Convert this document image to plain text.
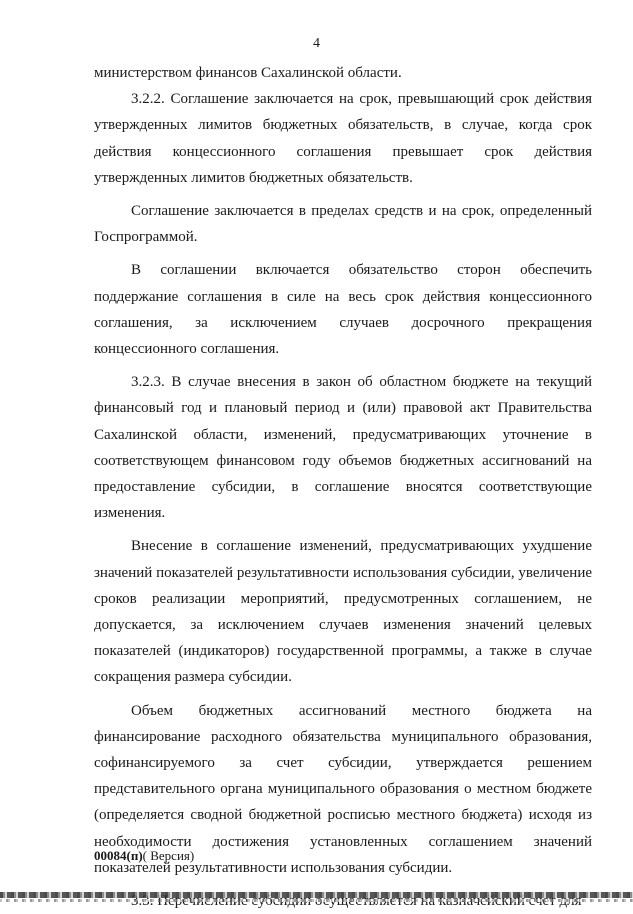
4

министерством финансов Сахалинской области.

3.2.2. Соглашение заключается на срок, превышающий срок действия утвержденных лимитов бюджетных обязательств, в случае, когда срок действия концессионного соглашения превышает срок действия утвержденных лимитов бюджетных обязательств.

Соглашение заключается в пределах средств и на срок, определенный Госпрограммой.

В соглашении включается обязательство сторон обеспечить поддержание соглашения в силе на весь срок действия концессионного соглашения, за исключением случаев досрочного прекращения концессионного соглашения.

3.2.3. В случае внесения в закон об областном бюджете на текущий финансовый год и плановый период и (или) правовой акт Правительства Сахалинской области, изменений, предусматривающих уточнение в соответствующем финансовом году объемов бюджетных ассигнований на предоставление субсидии, в соглашение вносятся соответствующие изменения.

Внесение в соглашение изменений, предусматривающих ухудшение значений показателей результативности использования субсидии, увеличение сроков реализации мероприятий, предусмотренных соглашением, не допускается, за исключением случаев изменения значений целевых показателей (индикаторов) государственной программы, а также в случае сокращения размера субсидии.

Объем бюджетных ассигнований местного бюджета на финансирование расходного обязательства муниципального образования, софинансируемого за счет субсидии, утверждается решением представительного органа муниципального образования о местном бюджете (определяется сводной бюджетной росписью местного бюджета) исходя из необходимости достижения установленных соглашением значений показателей результативности использования субсидии.

00084(п)( Версия)
